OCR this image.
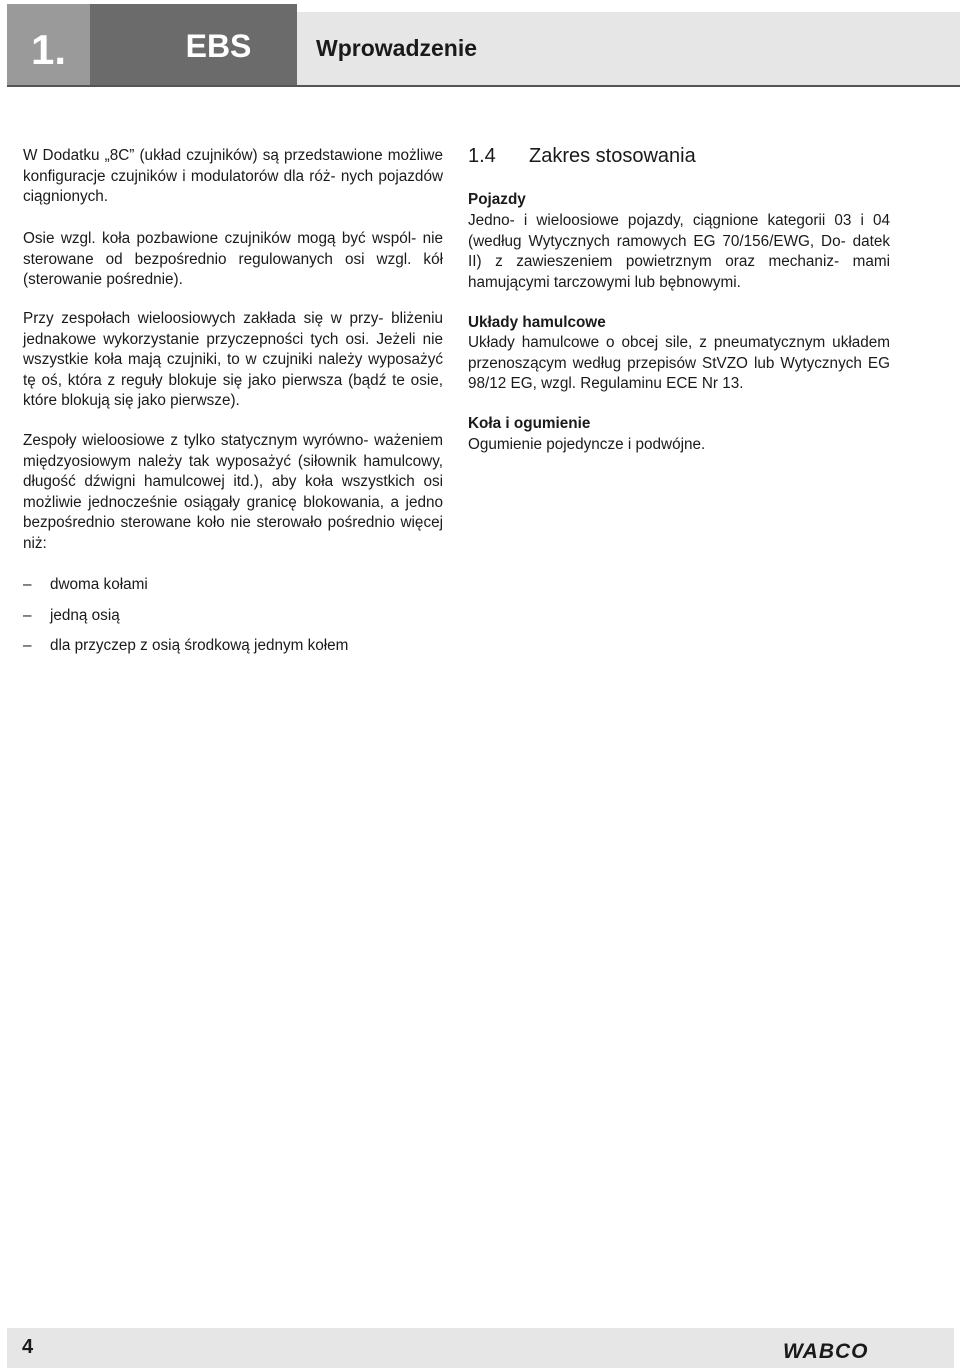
1.	EBS	Wprowadzenie

W Dodatku „8C” (układ czujników) są przedstawione możliwe konfiguracje czujników i modulatorów dla róż- nych pojazdów ciągnionych.

Osie wzgl. koła pozbawione czujników mogą być wspól- nie sterowane od bezpośrednio regulowanych osi wzgl. kół (sterowanie pośrednie).

Przy zespołach wieloosiowych zakłada się w przy- bliżeniu jednakowe wykorzystanie przyczepności tych osi. Jeżeli nie wszystkie koła mają czujniki, to w czujniki należy wyposażyć tę oś, która z reguły blokuje się jako pierwsza (bądź te osie, które blokują się jako pierwsze).

Zespoły wieloosiowe z tylko statycznym wyrówno- ważeniem międzyosiowym należy tak wyposażyć (siłownik hamulcowy, długość dźwigni hamulcowej itd.), aby koła wszystkich osi możliwie jednocześnie osiągały granicę blokowania, a jedno bezpośrednio sterowane koło nie sterowało pośrednio więcej niż:

– dwoma kołami
– jedną osią
– dla przyczep z osią środkową jednym kołem
1.4 Zakres stosowania

Pojazdy

Jedno- i wieloosiowe pojazdy, ciągnione kategorii 03 i 04 (według Wytycznych ramowych EG 70/156/EWG, Do- datek II) z zawieszeniem powietrznym oraz mechaniz- mami hamującymi tarczowymi lub bębnowymi.

Układy hamulcowe

Układy hamulcowe o obcej sile, z pneumatycznym układem przenoszącym według przepisów StVZO lub Wytycznych EG 98/12 EG, wzgl. Regulaminu ECE Nr 13.

Koła i ogumienie

Ogumienie pojedyncze i podwójne.

4	WABCO
